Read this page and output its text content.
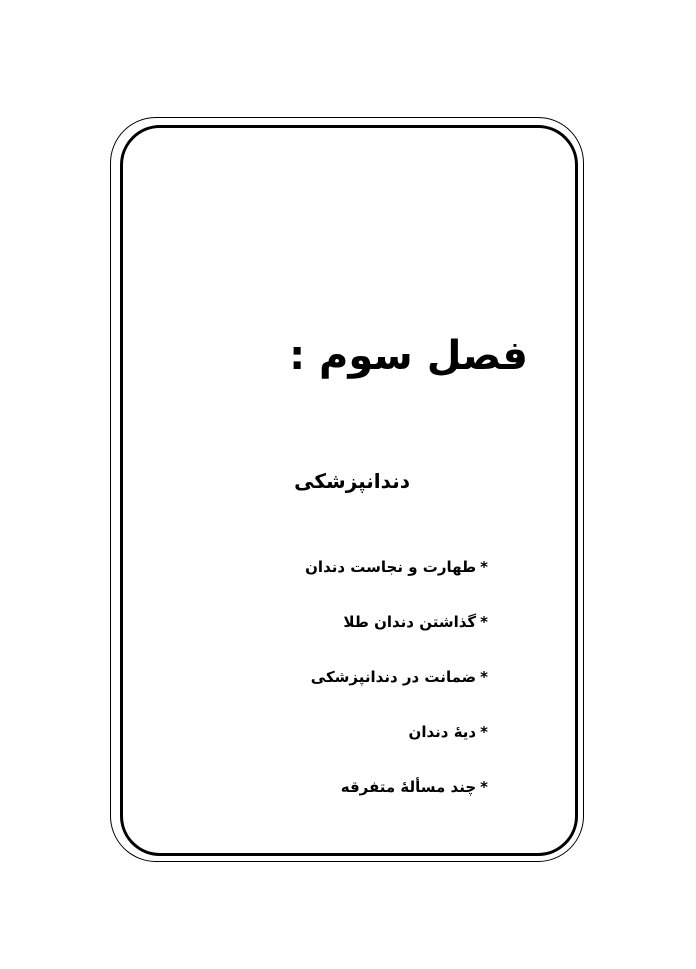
فصل سوم :
دندانپزشکی
*طهارت و نجاست دندان
*گذاشتن دندان طلا
*ضمانت در دندانپزشکی
*دیهٔ دندان
*چند مسألهٔ متفرقه
